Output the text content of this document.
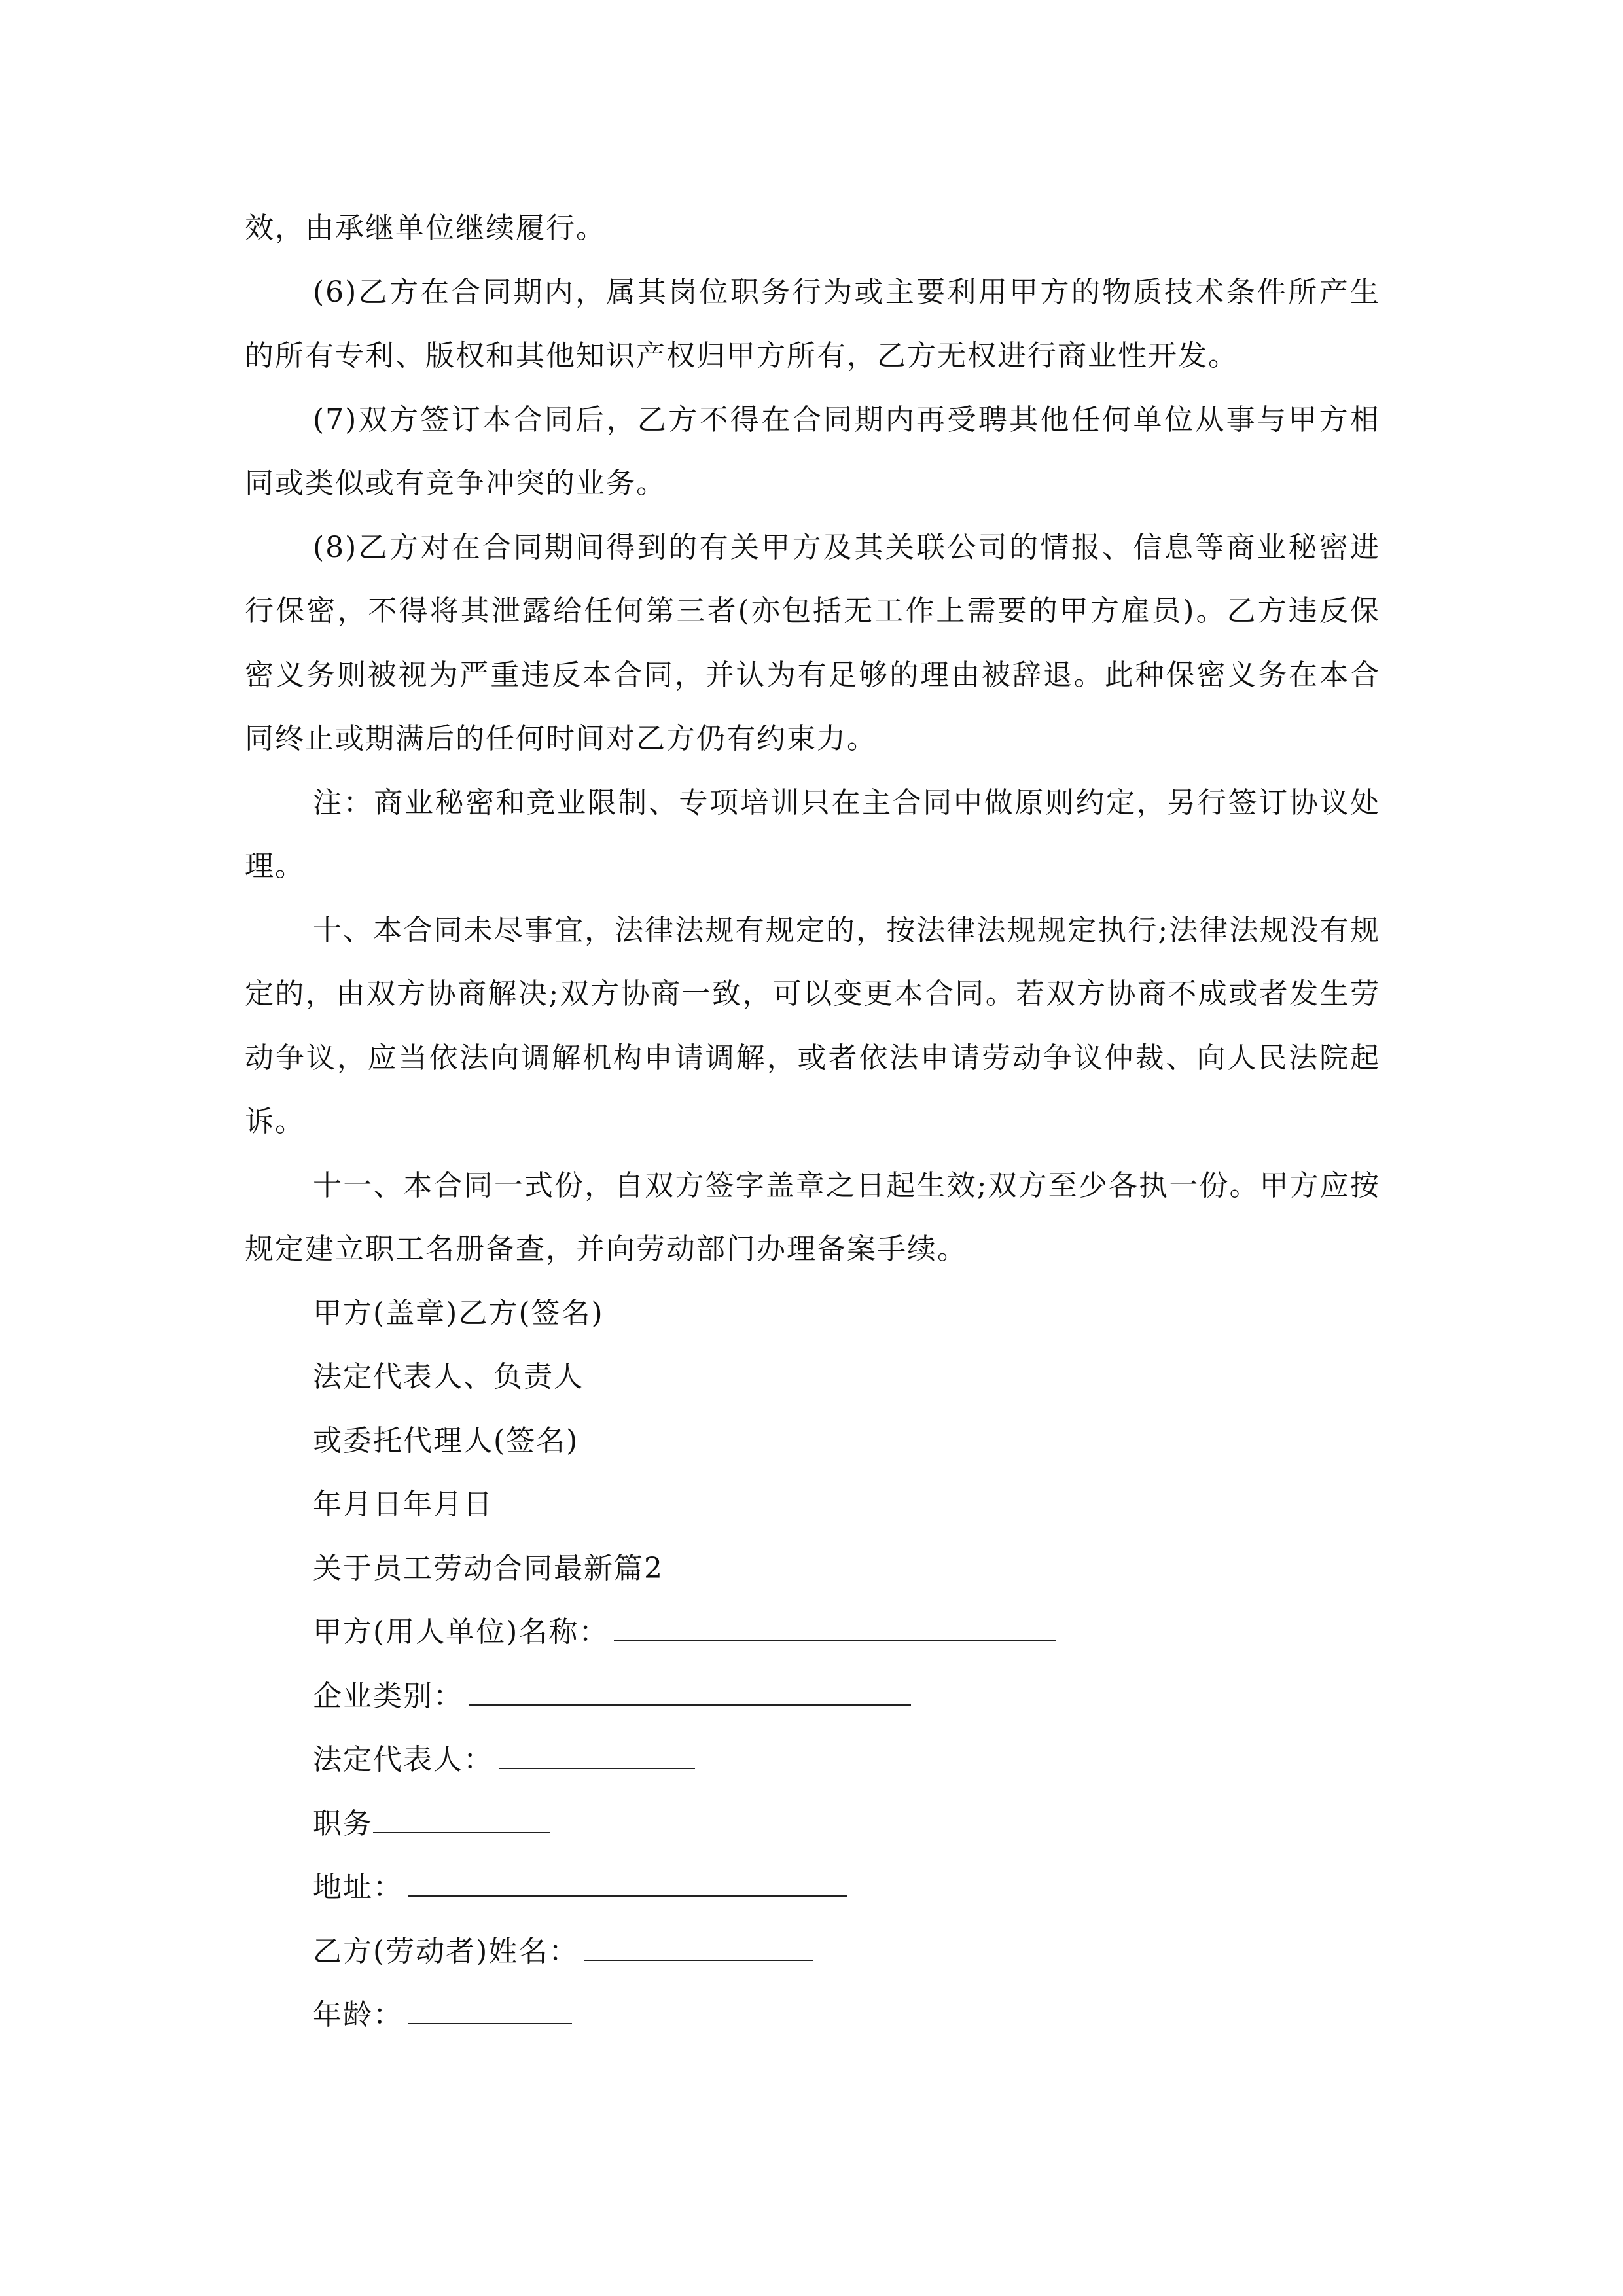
效，由承继单位继续履行。

(6)乙方在合同期内，属其岗位职务行为或主要利用甲方的物质技术条件所产生的所有专利、版权和其他知识产权归甲方所有，乙方无权进行商业性开发。

(7)双方签订本合同后，乙方不得在合同期内再受聘其他任何单位从事与甲方相同或类似或有竞争冲突的业务。

(8)乙方对在合同期间得到的有关甲方及其关联公司的情报、信息等商业秘密进行保密，不得将其泄露给任何第三者(亦包括无工作上需要的甲方雇员)。乙方违反保密义务则被视为严重违反本合同，并认为有足够的理由被辞退。此种保密义务在本合同终止或期满后的任何时间对乙方仍有约束力。

注：商业秘密和竞业限制、专项培训只在主合同中做原则约定，另行签订协议处理。

十、本合同未尽事宜，法律法规有规定的，按法律法规规定执行;法律法规没有规定的，由双方协商解决;双方协商一致，可以变更本合同。若双方协商不成或者发生劳动争议，应当依法向调解机构申请调解，或者依法申请劳动争议仲裁、向人民法院起诉。

十一、本合同一式份，自双方签字盖章之日起生效;双方至少各执一份。甲方应按规定建立职工名册备查，并向劳动部门办理备案手续。

甲方(盖章)乙方(签名)

法定代表人、负责人

或委托代理人(签名)

年月日年月日

关于员工劳动合同最新篇2

甲方(用人单位)名称：

企业类别：

法定代表人：

职务

地址：

乙方(劳动者)姓名：

年龄：
